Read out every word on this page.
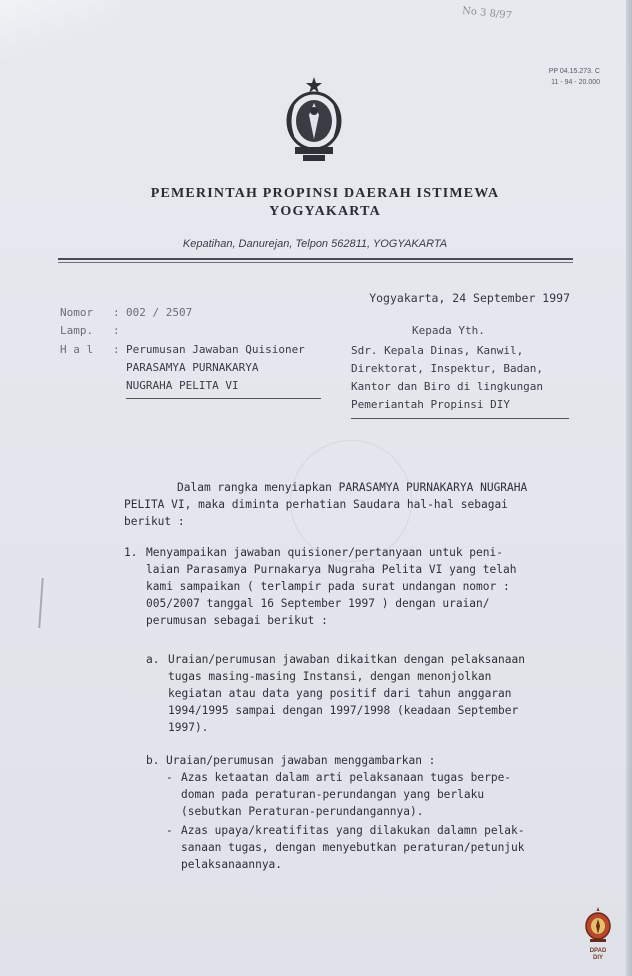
No 3 8/97
PP 04.15.273. C
11 - 94 - 20.000
PEMERINTAH PROPINSI DAERAH ISTIMEWA
YOGYAKARTA
Kepatihan, Danurejan, Telpon 562811, YOGYAKARTA
Nomor	: 002 / 2507
Lamp.	:
H a l	: Perumusan Jawaban Quisioner
PARASAMYA PURNAKARYA
NUGRAHA PELITA VI
Yogyakarta, 24 September 1997
Kepada Yth.
Sdr. Kepala Dinas, Kanwil,
Direktorat, Inspektur, Badan,
Kantor dan Biro di lingkungan
Pemeriantah Propinsi DIY
Dalam rangka menyiapkan PARASAMYA PURNAKARYA NUGRAHA
PELITA VI, maka diminta perhatian Saudara hal-hal sebagai
berikut :
1. Menyampaikan jawaban quisioner/pertanyaan untuk peni-
laian Parasamya Purnakarya Nugraha Pelita VI yang telah
kami sampaikan ( terlampir pada surat undangan nomor :
005/2007 tanggal 16 September 1997 ) dengan uraian/
perumusan sebagai berikut :
a. Uraian/perumusan jawaban dikaitkan dengan pelaksanaan
tugas masing-masing Instansi, dengan menonjolkan
kegiatan atau data yang positif dari tahun anggaran
1994/1995 sampai dengan 1997/1998 (keadaan September
1997).
b. Uraian/perumusan jawaban menggambarkan :
- Azas ketaatan dalam arti pelaksanaan tugas berpe-
doman pada peraturan-perundangan yang berlaku
(sebutkan Peraturan-perundangannya).
- Azas upaya/kreatifitas yang dilakukan dalamn pelak-
sanaan tugas, dengan menyebutkan peraturan/petunjuk
pelaksanaannya.
DPAD
DIY
